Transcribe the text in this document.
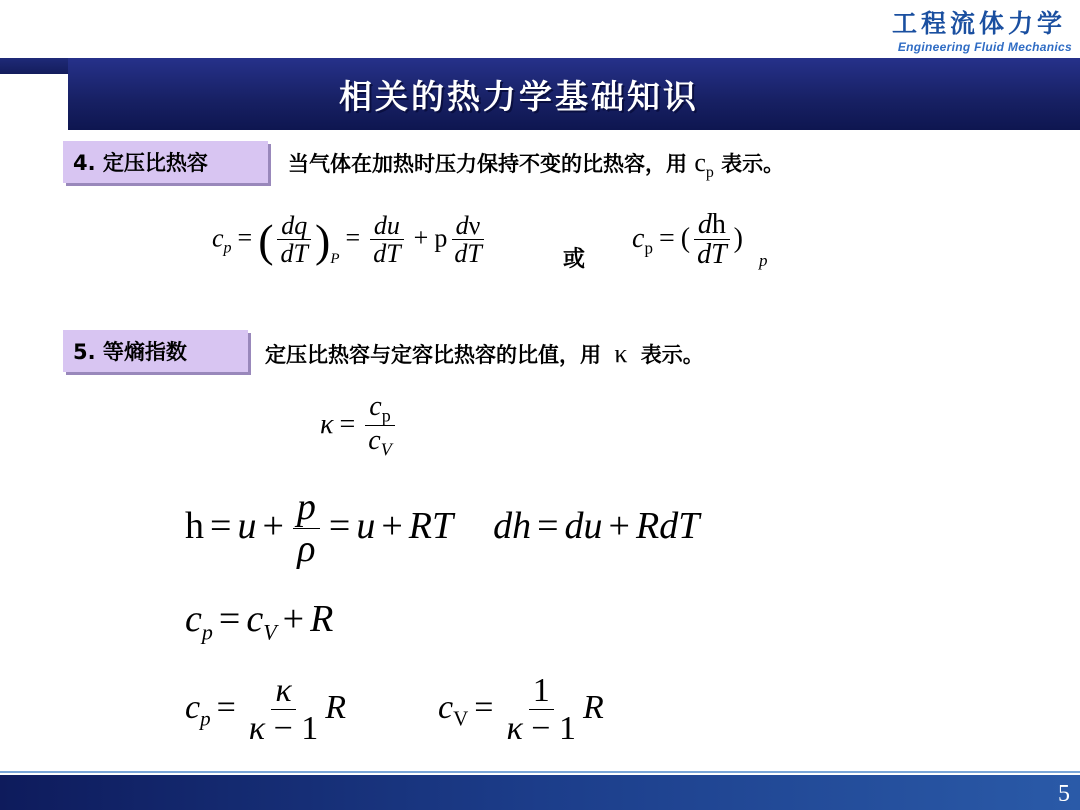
工程流体力学
Engineering Fluid Mechanics
相关的热力学基础知识
4. 定压比热容	当气体在加热时压力保持不变的比热容，用 $c_p$ 表示。
$c_p$ = ( $\frac{dq}{dT} )_P= \frac{du}{dT} + p \frac{d\nu}{dT}$	或
$c_p$ = ( $\frac{dh}{dT} )_p$
5. 等熵指数	定压比热容与定容比热容的比值，用 κ 表示。
$\kappa = \frac{c_p}{c_V}$
$h = u + \frac{p}{\rho} = u$ + RT dh = du + RdT
$c_p = c_V + R$
$c_p = \frac{\kappa}{\kappa - 1}$ R	$c_V = \frac{1}{\kappa - 1}$ R
5
